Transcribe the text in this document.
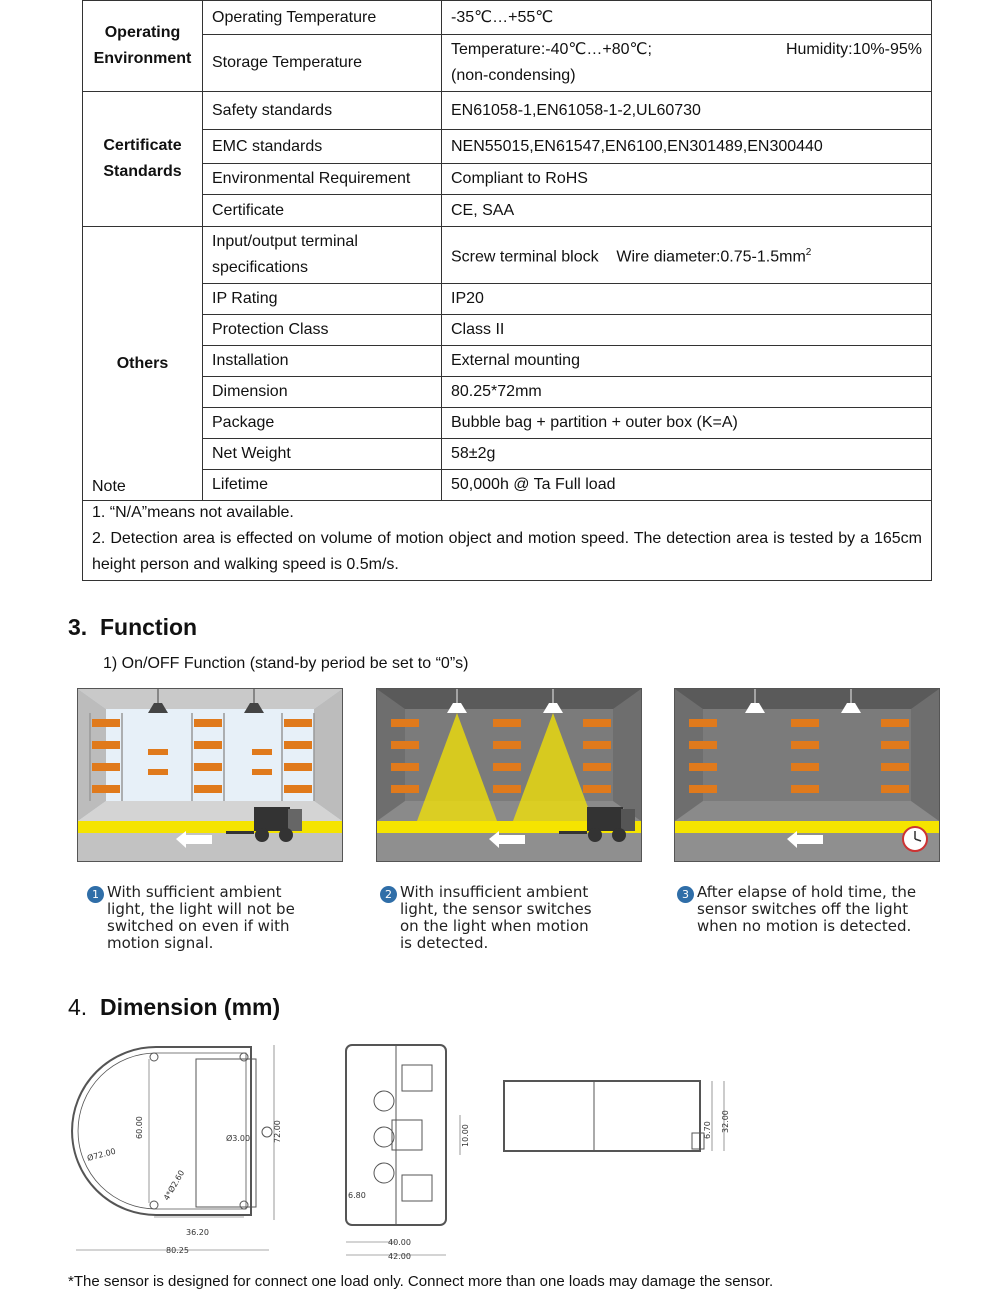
Operating Environment	Operating Temperature	-35℃…+55℃
	Storage Temperature	Temperature:-40℃…+80℃; Humidity:10%-95%
(non-condensing)

Certificate Standards	Safety standards	EN61058-1,EN61058-1-2,UL60730
	EMC standards	NEN55015,EN61547,EN6100,EN301489,EN300440
	Environmental Requirement	Compliant to RoHS
	Certificate	CE, SAA
Others	Input/output terminal specifications	Screw terminal block    Wire $diameter:0.75-1.5mm^2$
	IP Rating	IP20
	Protection Class	Class II
	Installation	External mounting
	Dimension	80.25*72mm
	Package	Bubble bag + partition + outer box (K=A)
	Net Weight	58±2g
	Lifetime	50,000h @ Ta Full load

Note

1. “N/A”means not available.

2. Detection area is effected on volume of motion object and motion speed. The detection area is tested by a 165cm height person and walking speed is 0.5m/s.

3. Function
1) On/OFF Function (stand-by period be set to “0”s)
1 With sufficient ambient
light, the light will not be
switched on even if with
motion signal.
2 With insufficient ambient
light, the sensor switches
on the light when motion
is detected.
3 After elapse of hold time, the
sensor switches off the light
when no motion is detected.
4. Dimension (mm)
60.00	72.00
Ø72.00
Ø3.00
4*Ø2.60
36.20
80.25
10.00
6.80
40.00
42.00
6.70 32.00
*The sensor is designed for connect one load only. Connect more than one loads may damage the sensor.
